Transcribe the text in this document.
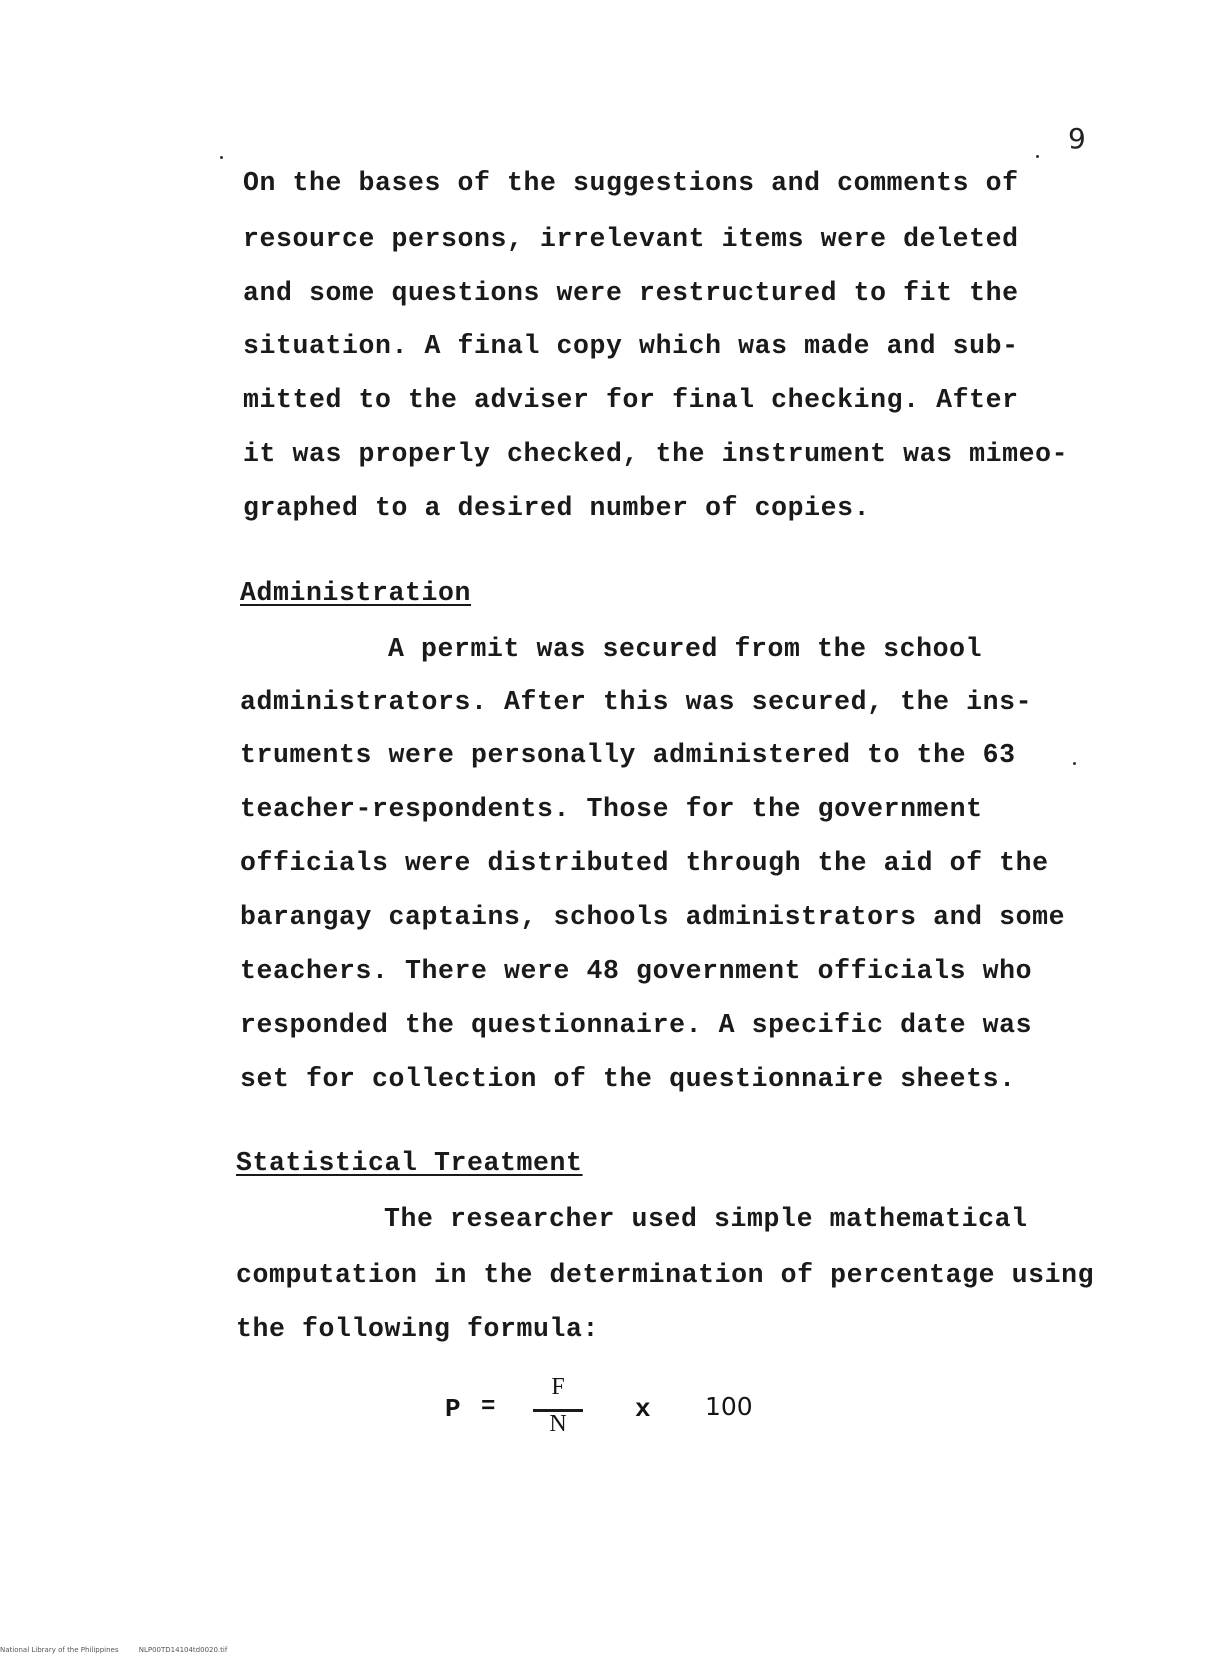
9
On the bases of the suggestions and comments of
resource persons, irrelevant items were deleted
and some questions were restructured to fit the
situation. A final copy which was made and sub-
mitted to the adviser for final checking. After
it was properly checked, the instrument was mimeo-
graphed to a desired number of copies.
Administration
A permit was secured from the school
administrators. After this was secured, the ins-
truments were personally administered to the 63
teacher-respondents. Those for the government
officials were distributed through the aid of the
barangay captains, schools administrators and some
teachers. There were 48 government officials who
responded the questionnaire. A specific date was
set for collection of the questionnaire sheets.
Statistical Treatment
The researcher used simple mathematical
computation in the determination of percentage using
the following formula:
P =
F
N	x 100
National Library of the Philippines	NLP00TD14104td0020.tif
